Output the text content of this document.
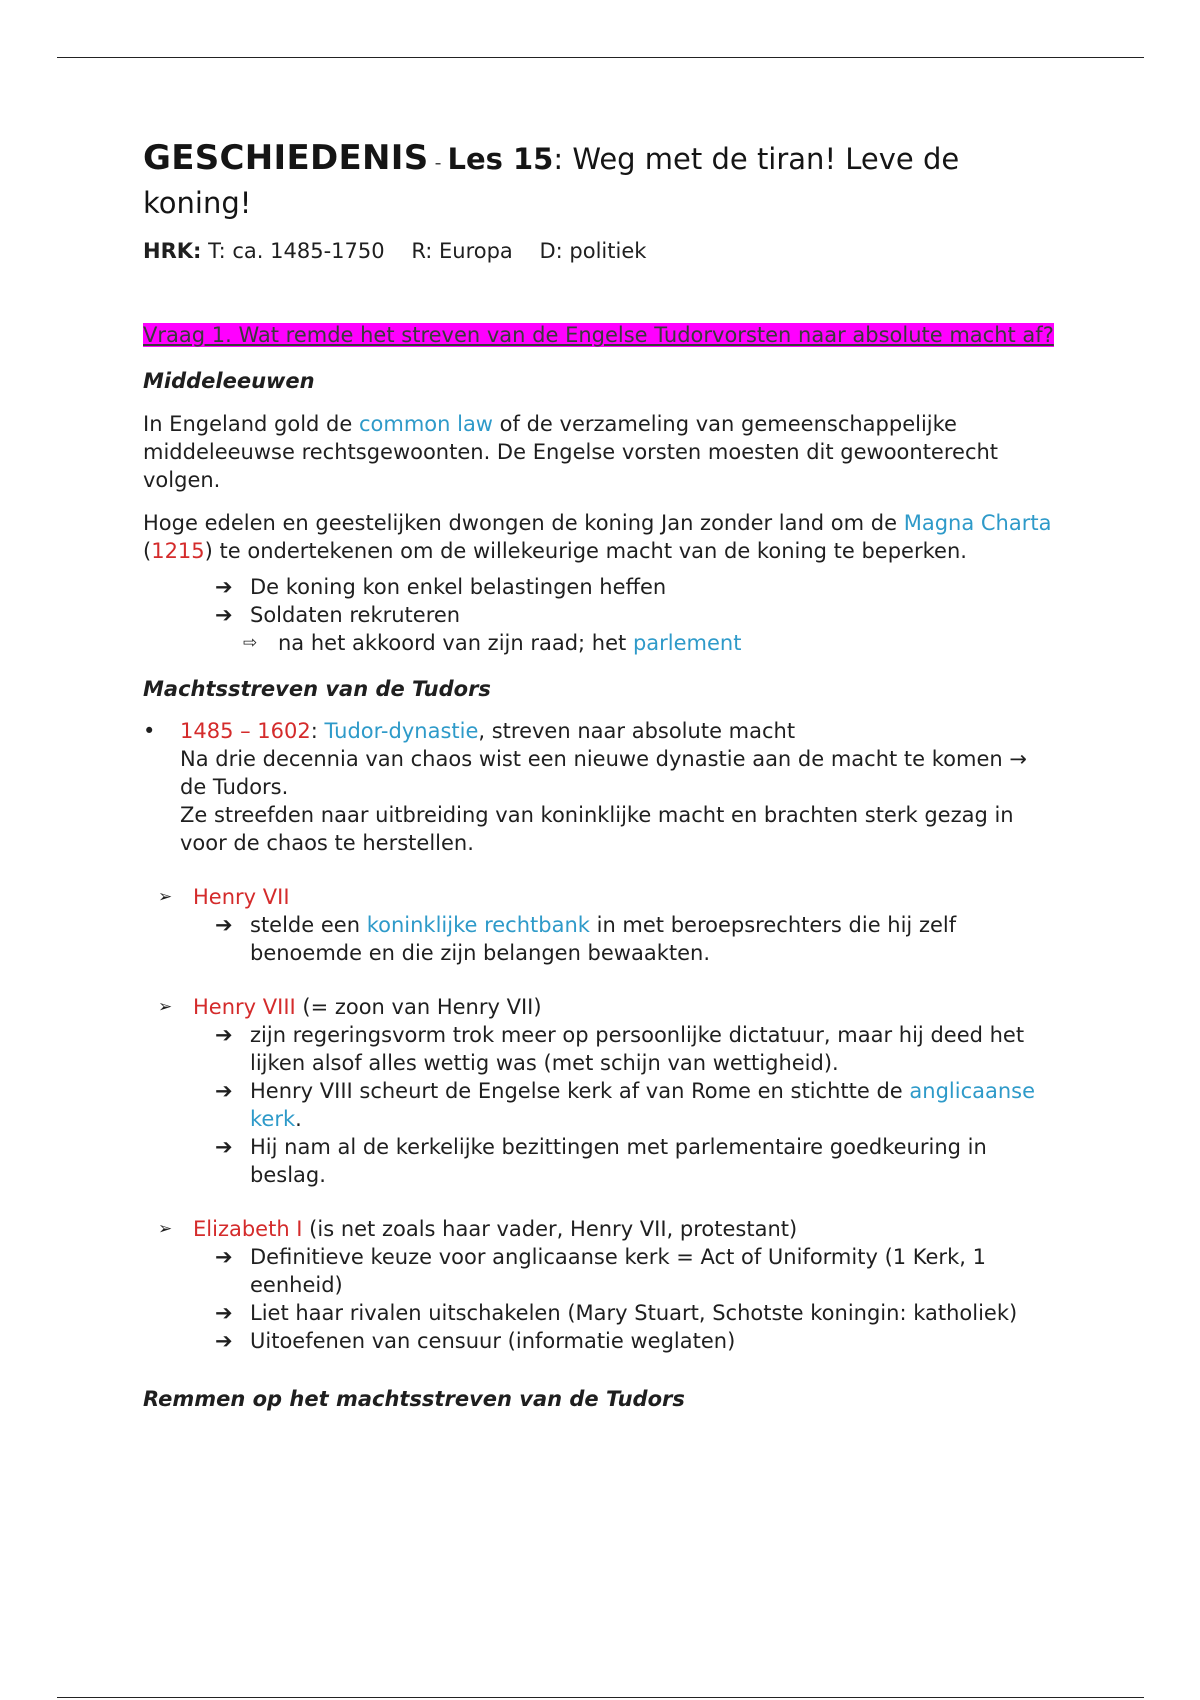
GESCHIEDENIS - Les 15: Weg met de tiran! Leve de koning!
HRK: T: ca. 1485-1750 R: Europa D: politiek
Vraag 1. Wat remde het streven van de Engelse Tudorvorsten naar absolute macht af?
Middeleeuwen
In Engeland gold de common law of de verzameling van gemeenschappelijke middeleeuwse rechtsgewoonten. De Engelse vorsten moesten dit gewoonterecht volgen.
Hoge edelen en geestelijken dwongen de koning Jan zonder land om de Magna Charta (1215) te ondertekenen om de willekeurige macht van de koning te beperken.
➔ De koning kon enkel belastingen heffen
➔ Soldaten rekruteren
⇨ na het akkoord van zijn raad; het parlement
Machtsstreven van de Tudors
• 1485 – 1602: Tudor-dynastie, streven naar absolute macht
Na drie decennia van chaos wist een nieuwe dynastie aan de macht te komen → de Tudors.
Ze streefden naar uitbreiding van koninklijke macht en brachten sterk gezag in voor de chaos te herstellen.
➢ Henry VII
➔ stelde een koninklijke rechtbank in met beroepsrechters die hij zelf benoemde en die zijn belangen bewaakten.
➢ Henry VIII (= zoon van Henry VII)
➔ zijn regeringsvorm trok meer op persoonlijke dictatuur, maar hij deed het lijken alsof alles wettig was (met schijn van wettigheid).
➔ Henry VIII scheurt de Engelse kerk af van Rome en stichtte de anglicaanse kerk.
➔ Hij nam al de kerkelijke bezittingen met parlementaire goedkeuring in beslag.
➢ Elizabeth I (is net zoals haar vader, Henry VII, protestant)
➔ Definitieve keuze voor anglicaanse kerk = Act of Uniformity (1 Kerk, 1 eenheid)
➔ Liet haar rivalen uitschakelen (Mary Stuart, Schotste koningin: katholiek)
➔ Uitoefenen van censuur (informatie weglaten)
Remmen op het machtsstreven van de Tudors
